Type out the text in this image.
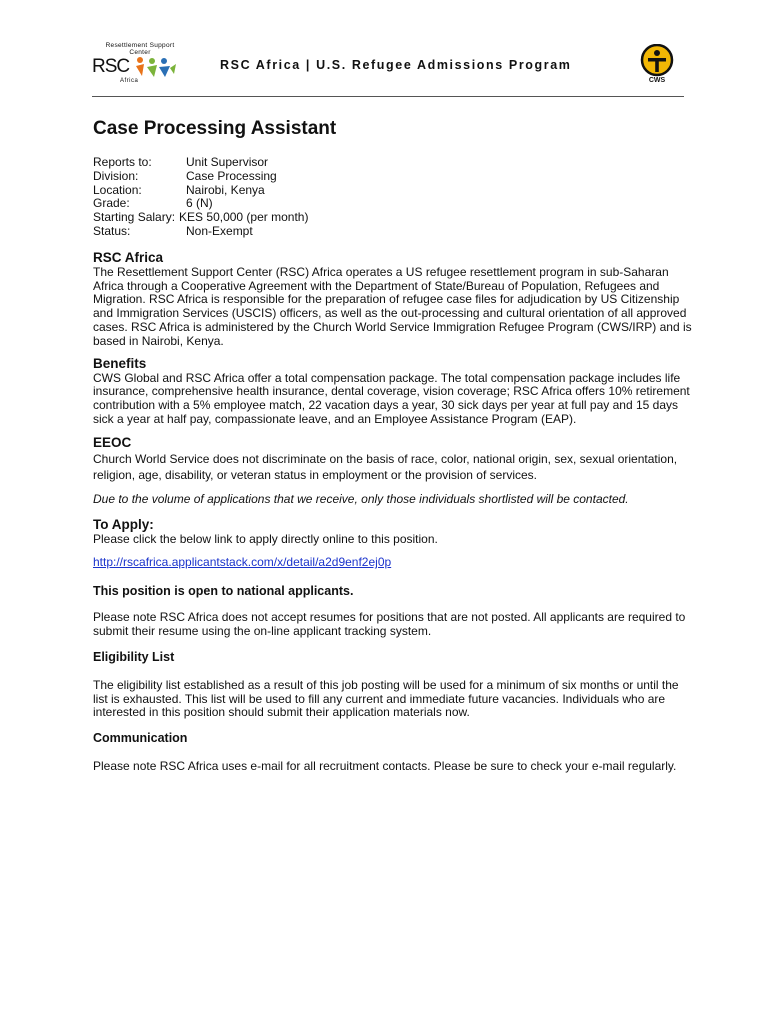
Resettlement Support Center
RSC
Africa
RSC Africa | U.S. Refugee Admissions Program
CWS
Case Processing Assistant
Reports to:	Unit Supervisor
Division:	Case Processing
Location:	Nairobi, Kenya
Grade:	6 (N)
Starting Salary: KES 50,000 (per month)
Status:	Non-Exempt
RSC Africa

The Resettlement Support Center (RSC) Africa operates a US refugee resettlement program in sub-Saharan Africa through a Cooperative Agreement with the Department of State/Bureau of Population, Refugees and Migration. RSC Africa is responsible for the preparation of refugee case files for adjudication by US Citizenship and Immigration Services (USCIS) officers, as well as the out-processing and cultural orientation of all approved cases. RSC Africa is administered by the Church World Service Immigration Refugee Program (CWS/IRP) and is based in Nairobi, Kenya.

Benefits

CWS Global and RSC Africa offer a total compensation package. The total compensation package includes life insurance, comprehensive health insurance, dental coverage, vision coverage; RSC Africa offers 10% retirement contribution with a 5% employee match, 22 vacation days a year, 30 sick days per year at full pay and 15 days sick a year at half pay, compassionate leave, and an Employee Assistance Program (EAP).

EEOC

Church World Service does not discriminate on the basis of race, color, national origin, sex, sexual orientation, religion, age, disability, or veteran status in employment or the provision of services.

Due to the volume of applications that we receive, only those individuals shortlisted will be contacted.

To Apply:

Please click the below link to apply directly online to this position.

http://rscafrica.applicantstack.com/x/detail/a2d9enf2ej0p

This position is open to national applicants.

Please note RSC Africa does not accept resumes for positions that are not posted. All applicants are required to submit their resume using the on-line applicant tracking system.

Eligibility List

The eligibility list established as a result of this job posting will be used for a minimum of six months or until the list is exhausted. This list will be used to fill any current and immediate future vacancies. Individuals who are interested in this position should submit their application materials now.

Communication

Please note RSC Africa uses e-mail for all recruitment contacts. Please be sure to check your e-mail regularly.
